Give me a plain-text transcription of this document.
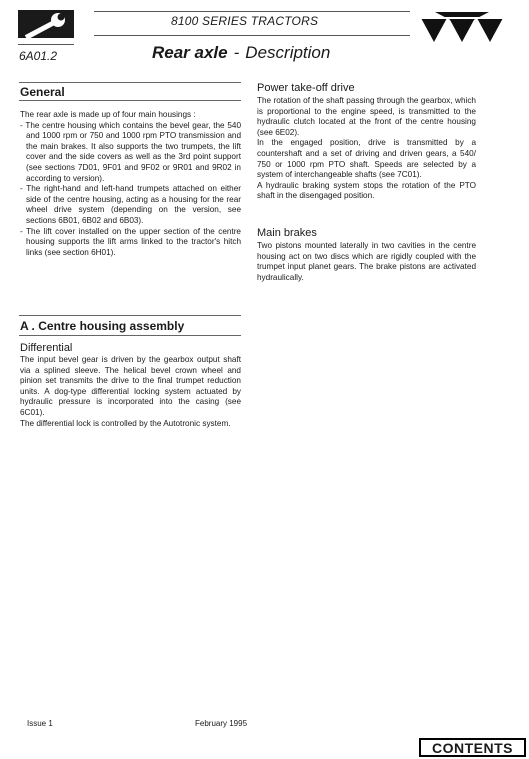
8100 SERIES TRACTORS
6A01.2	Rear axle - Description
General

The rear axle is made up of four main housings :

- The centre housing which contains the bevel gear, the 540 and 1000 rpm or 750 and 1000 rpm PTO transmission and the main brakes. It also supports the two trumpets, the lift cover and the side covers as well as the 3rd point support (see sections 7D01, 9F01 and 9F02 or 9R01 and 9R02 in according to version).
- The right-hand and left-hand trumpets attached on either side of the centre housing, acting as a housing for the rear wheel drive system (depending on the version, see sections 6B01, 6B02 and 6B03).
- The lift cover installed on the upper section of the centre housing supports the lift arms linked to the tractor's hitch links (see section 6H01).
Power take-off drive

The rotation of the shaft passing through the gearbox, which is proportional to the engine speed, is transmitted to the hydraulic clutch located at the front of the centre housing (see 6E02).

In the engaged position, drive is transmitted by a countershaft and a set of driving and driven gears, a 540/ 750 or 1000 rpm PTO shaft. Speeds are selected by a system of interchangeable shafts (see 7C01).

A hydraulic braking system stops the rotation of the PTO shaft in the disengaged position.

Main brakes

Two pistons mounted laterally in two cavities in the centre housing act on two discs which are rigidly coupled with the trumpet input planet gears. The brake pistons are activated hydraulically.

A . Centre housing assembly
Differential

The input bevel gear is driven by the gearbox output shaft via a splined sleeve. The helical bevel crown wheel and pinion set transmits the drive to the final trumpet reduction units. A dog-type differential locking system actuated by hydraulic pressure is incorporated into the casing (see 6C01).

The differential lock is controlled by the Autotronic system.

Issue 1	February 1995
CONTENTS
